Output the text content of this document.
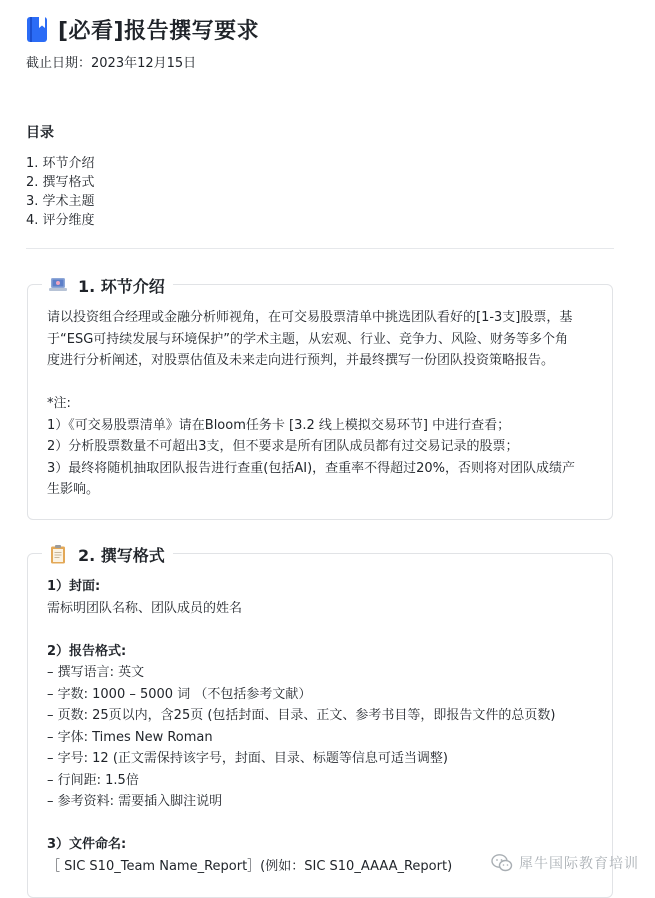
[必看]报告撰写要求
截止日期：2023年12月15日
目录
1. 环节介绍
2. 撰写格式
3. 学术主题
4. 评分维度
1. 环节介绍

请以投资组合经理或金融分析师视角，在可交易股票清单中挑选团队看好的[1-3支]股票，基

于“ESG可持续发展与环境保护”的学术主题，从宏观、行业、竞争力、风险、财务等多个角

度进行分析阐述，对股票估值及未来走向进行预判，并最终撰写一份团队投资策略报告。

*注:

1）《可交易股票清单》请在Bloom任务卡 [3.2 线上模拟交易环节] 中进行查看；

2）分析股票数量不可超出3支，但不要求是所有团队成员都有过交易记录的股票；

3）最终将随机抽取团队报告进行查重(包括AI)，查重率不得超过20%，否则将对团队成绩产

生影响。

2. 撰写格式

1）封面:

需标明团队名称、团队成员的姓名

2）报告格式:

– 撰写语言: 英文

– 字数: 1000 – 5000 词 （不包括参考文献）

– 页数: 25页以内，含25页 (包括封面、目录、正文、参考书目等，即报告文件的总页数)

– 字体: Times New Roman

– 字号: 12 (正文需保持该字号，封面、目录、标题等信息可适当调整)

– 行间距: 1.5倍

– 参考资料: 需要插入脚注说明

3）文件命名:

［ SIC S10_Team Name_Report］(例如：SIC S10_AAAA_Report)	犀牛国际教育培训
